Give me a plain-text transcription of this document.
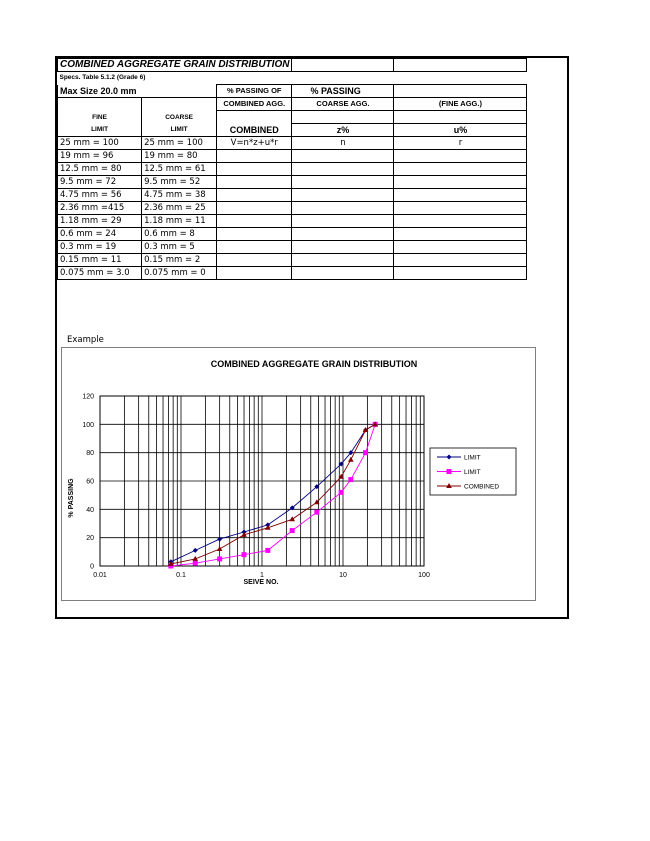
COMBINED AGGREGATE GRAIN DISTRIBUTION				
Specs. Table 5.1.2 (Grade 6)				
Max Size 20.0 mm		% PASSING OF	% PASSING	
		COMBINED AGG.	COARSE AGG.	(FINE AGG.)
FINE	COARSE			
LIMIT	LIMIT	COMBINED	z%	u%
25 mm = 100	25 mm = 100	V=n*z+u*r	n	r
19 mm = 96	19 mm = 80			
12.5 mm = 80	12.5 mm = 61			
9.5 mm = 72	9.5 mm = 52			
4.75 mm = 56	4.75 mm = 38			
2.36 mm =415	2.36 mm = 25			
1.18 mm = 29	1.18 mm = 11			
0.6 mm = 24	0.6 mm = 8			
0.3 mm = 19	0.3 mm = 5			
0.15 mm = 11	0.15 mm = 2			
0.075 mm = 3.0	0.075 mm = 0			
Example
COMBINED AGGREGATE GRAIN DISTRIBUTION
0
20
40
60
80
100
120
0.01	0.1	1	10	100
LIMIT
LIMIT
COMBINED
SEIVE NO.
% PASSING
